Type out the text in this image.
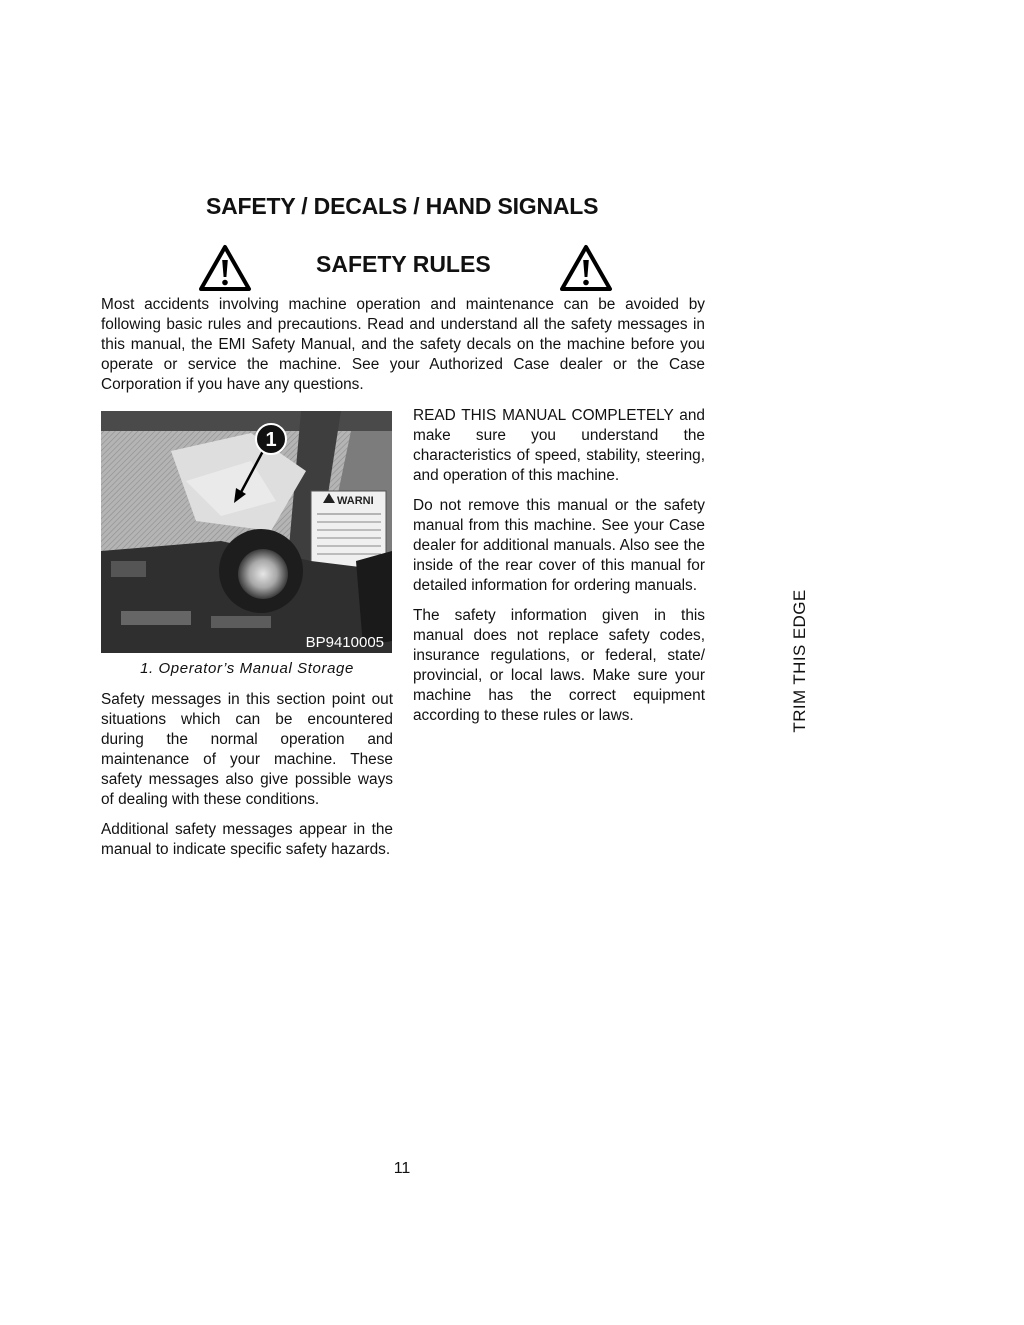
SAFETY / DECALS / HAND SIGNALS
SAFETY RULES

Most accidents involving machine operation and maintenance can be avoided by following basic rules and precautions. Read and understand all the safety messages in this manual, the EMI Safety Manual, and the safety decals on the machine before you operate or service the machine. See your Authorized Case dealer or the Case Corporation if you have any questions.

WARNI
1
BP9410005
1. Operator’s Manual Storage

Safety messages in this section point out situations which can be encountered during the normal operation and maintenance of your machine. These safety messages also give possible ways of dealing with these conditions.

Additional safety messages appear in the manual to indicate specific safety hazards.

READ THIS MANUAL COMPLETELY and make sure you understand the characteristics of speed, stability, steering, and operation of this machine.

Do not remove this manual or the safety manual from this machine. See your Case dealer for additional manuals. Also see the inside of the rear cover of this manual for detailed information for ordering manuals.

The safety information given in this manual does not replace safety codes, insurance regulations, or federal, state/ provincial, or local laws. Make sure your machine has the correct equipment according to these rules or laws.	TRIM THIS EDGE
11
